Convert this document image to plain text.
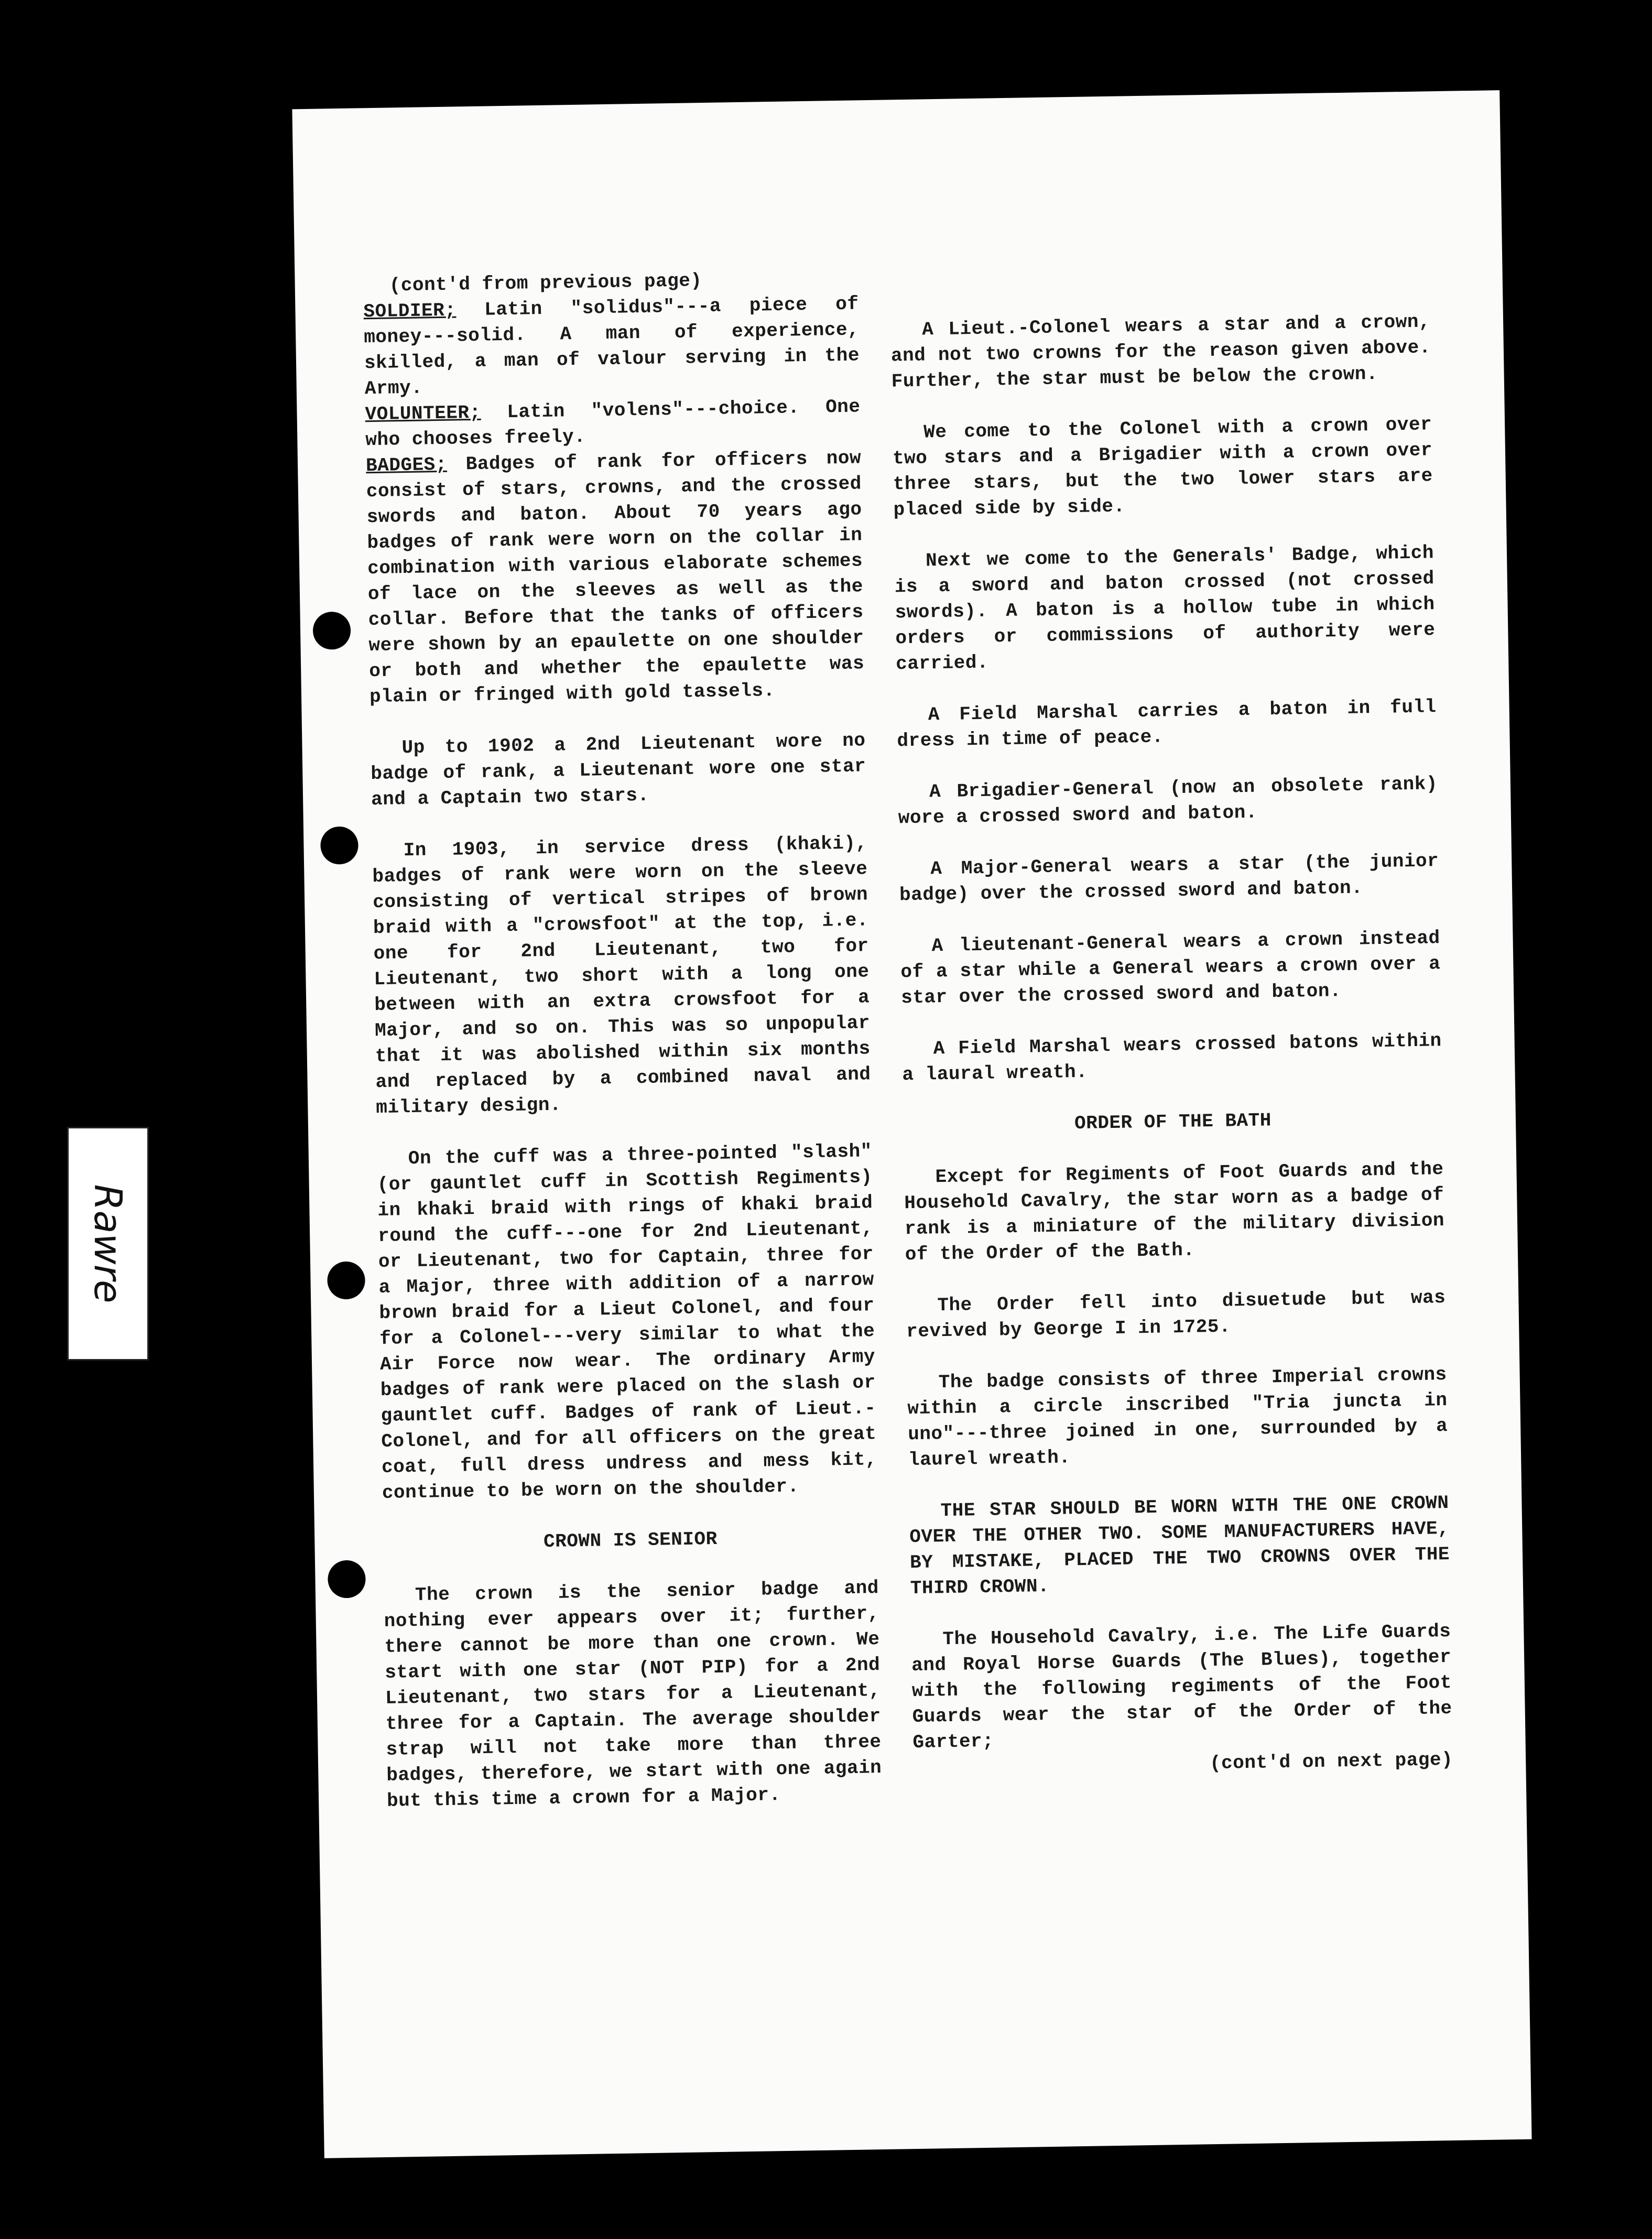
Rawre

(cont'd from previous page)

SOLDIER; Latin "solidus"---a piece of money---solid. A man of experience, skilled, a man of valour serving in the Army.

VOLUNTEER; Latin "volens"---choice. One who chooses freely.

BADGES; Badges of rank for officers now consist of stars, crowns, and the crossed swords and baton. About 70 years ago badges of rank were worn on the collar in combination with various elaborate schemes of lace on the sleeves as well as the collar. Before that the tanks of officers were shown by an epaulette on one shoulder or both and whether the epaulette was plain or fringed with gold tassels.

Up to 1902 a 2nd Lieutenant wore no badge of rank, a Lieutenant wore one star and a Captain two stars.

In 1903, in service dress (khaki), badges of rank were worn on the sleeve consisting of vertical stripes of brown braid with a "crowsfoot" at the top, i.e. one for 2nd Lieutenant, two for Lieutenant, two short with a long one between with an extra crowsfoot for a Major, and so on. This was so unpopular that it was abolished within six months and replaced by a combined naval and military design.

On the cuff was a three-pointed "slash" (or gauntlet cuff in Scottish Regiments) in khaki braid with rings of khaki braid round the cuff---one for 2nd Lieutenant, or Lieutenant, two for Captain, three for a Major, three with addition of a narrow brown braid for a Lieut Colonel, and four for a Colonel---very similar to what the Air Force now wear. The ordinary Army badges of rank were placed on the slash or gauntlet cuff. Badges of rank of Lieut.-Colonel, and for all officers on the great coat, full dress undress and mess kit, continue to be worn on the shoulder.

CROWN IS SENIOR

The crown is the senior badge and nothing ever appears over it; further, there cannot be more than one crown. We start with one star (NOT PIP) for a 2nd Lieutenant, two stars for a Lieutenant, three for a Captain. The average shoulder strap will not take more than three badges, therefore, we start with one again but this time a crown for a Major.

A Lieut.-Colonel wears a star and a crown, and not two crowns for the reason given above. Further, the star must be below the crown.

We come to the Colonel with a crown over two stars and a Brigadier with a crown over three stars, but the two lower stars are placed side by side.

Next we come to the Generals' Badge, which is a sword and baton crossed (not crossed swords). A baton is a hollow tube in which orders or commissions of authority were carried.

A Field Marshal carries a baton in full dress in time of peace.

A Brigadier-General (now an obsolete rank) wore a crossed sword and baton.

A Major-General wears a star (the junior badge) over the crossed sword and baton.

A lieutenant-General wears a crown instead of a star while a General wears a crown over a star over the crossed sword and baton.

A Field Marshal wears crossed batons within a laural wreath.

ORDER OF THE BATH

Except for Regiments of Foot Guards and the Household Cavalry, the star worn as a badge of rank is a miniature of the military division of the Order of the Bath.

The Order fell into disuetude but was revived by George I in 1725.

The badge consists of three Imperial crowns within a circle inscribed "Tria juncta in uno"---three joined in one, surrounded by a laurel wreath.

THE STAR SHOULD BE WORN WITH THE ONE CROWN OVER THE OTHER TWO. SOME MANUFACTURERS HAVE, BY MISTAKE, PLACED THE TWO CROWNS OVER THE THIRD CROWN.

The Household Cavalry, i.e. The Life Guards and Royal Horse Guards (The Blues), together with the following regiments of the Foot Guards wear the star of the Order of the Garter;

(cont'd on next page)
